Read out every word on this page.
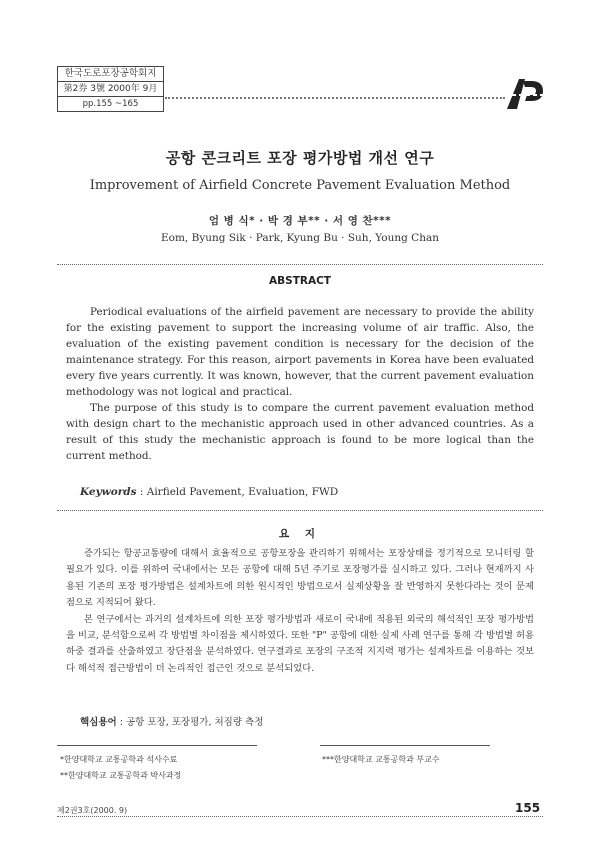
한국도로포장공학회지
第2券 3號 2000年 9月
pp.155 ~165
공항 콘크리트 포장 평가방법 개선 연구
Improvement of Airfield Concrete Pavement Evaluation Method
엄 병 식* · 박 경 부** · 서 영 찬***
Eom, Byung Sik · Park, Kyung Bu · Suh, Young Chan
ABSTRACT

Periodical evaluations of the airfield pavement are necessary to provide the ability for the existing pavement to support the increasing volume of air traffic. Also, the evaluation of the existing pavement condition is necessary for the decision of the maintenance strategy. For this reason, airport pavements in Korea have been evaluated every five years currently. It was known, however, that the current pavement evaluation methodology was not logical and practical.

The purpose of this study is to compare the current pavement evaluation method with design chart to the mechanistic approach used in other advanced countries. As a result of this study the mechanistic approach is found to be more logical than the current method.

Keywords : Airfield Pavement, Evaluation, FWD
요 지

증가되는 항공교통량에 대해서 효율적으로 공항포장을 관리하기 위해서는 포장상태를 정기적으로 모니터링 할 필요가 있다. 이를 위하여 국내에서는 모든 공항에 대해 5년 주기로 포장평가를 실시하고 있다. 그러나 현재까지 사용된 기존의 포장 평가방법은 설계차트에 의한 원시적인 방법으로서 실제상황을 잘 반영하지 못한다라는 것이 문제점으로 지적되어 왔다.

본 연구에서는 과거의 설계차트에 의한 포장 평가방법과 새로이 국내에 적용된 외국의 해석적인 포장 평가방법을 비교, 분석함으로써 각 방법별 차이점을 제시하였다. 또한 "P" 공항에 대한 실제 사례 연구를 통해 각 방법별 허용하중 결과를 산출하였고 장단점을 분석하였다. 연구결과로 포장의 구조적 지지력 평가는 설계차트를 이용하는 것보다 해석적 접근방법이 더 논리적인 접근인 것으로 분석되었다.

핵심용어 : 공항 포장, 포장평가, 처짐량 측정
*한양대학교 교통공학과 석사수료
**한양대학교 교통공학과 박사과정
***한양대학교 교통공학과 부교수
제2권3호(2000. 9)	155
